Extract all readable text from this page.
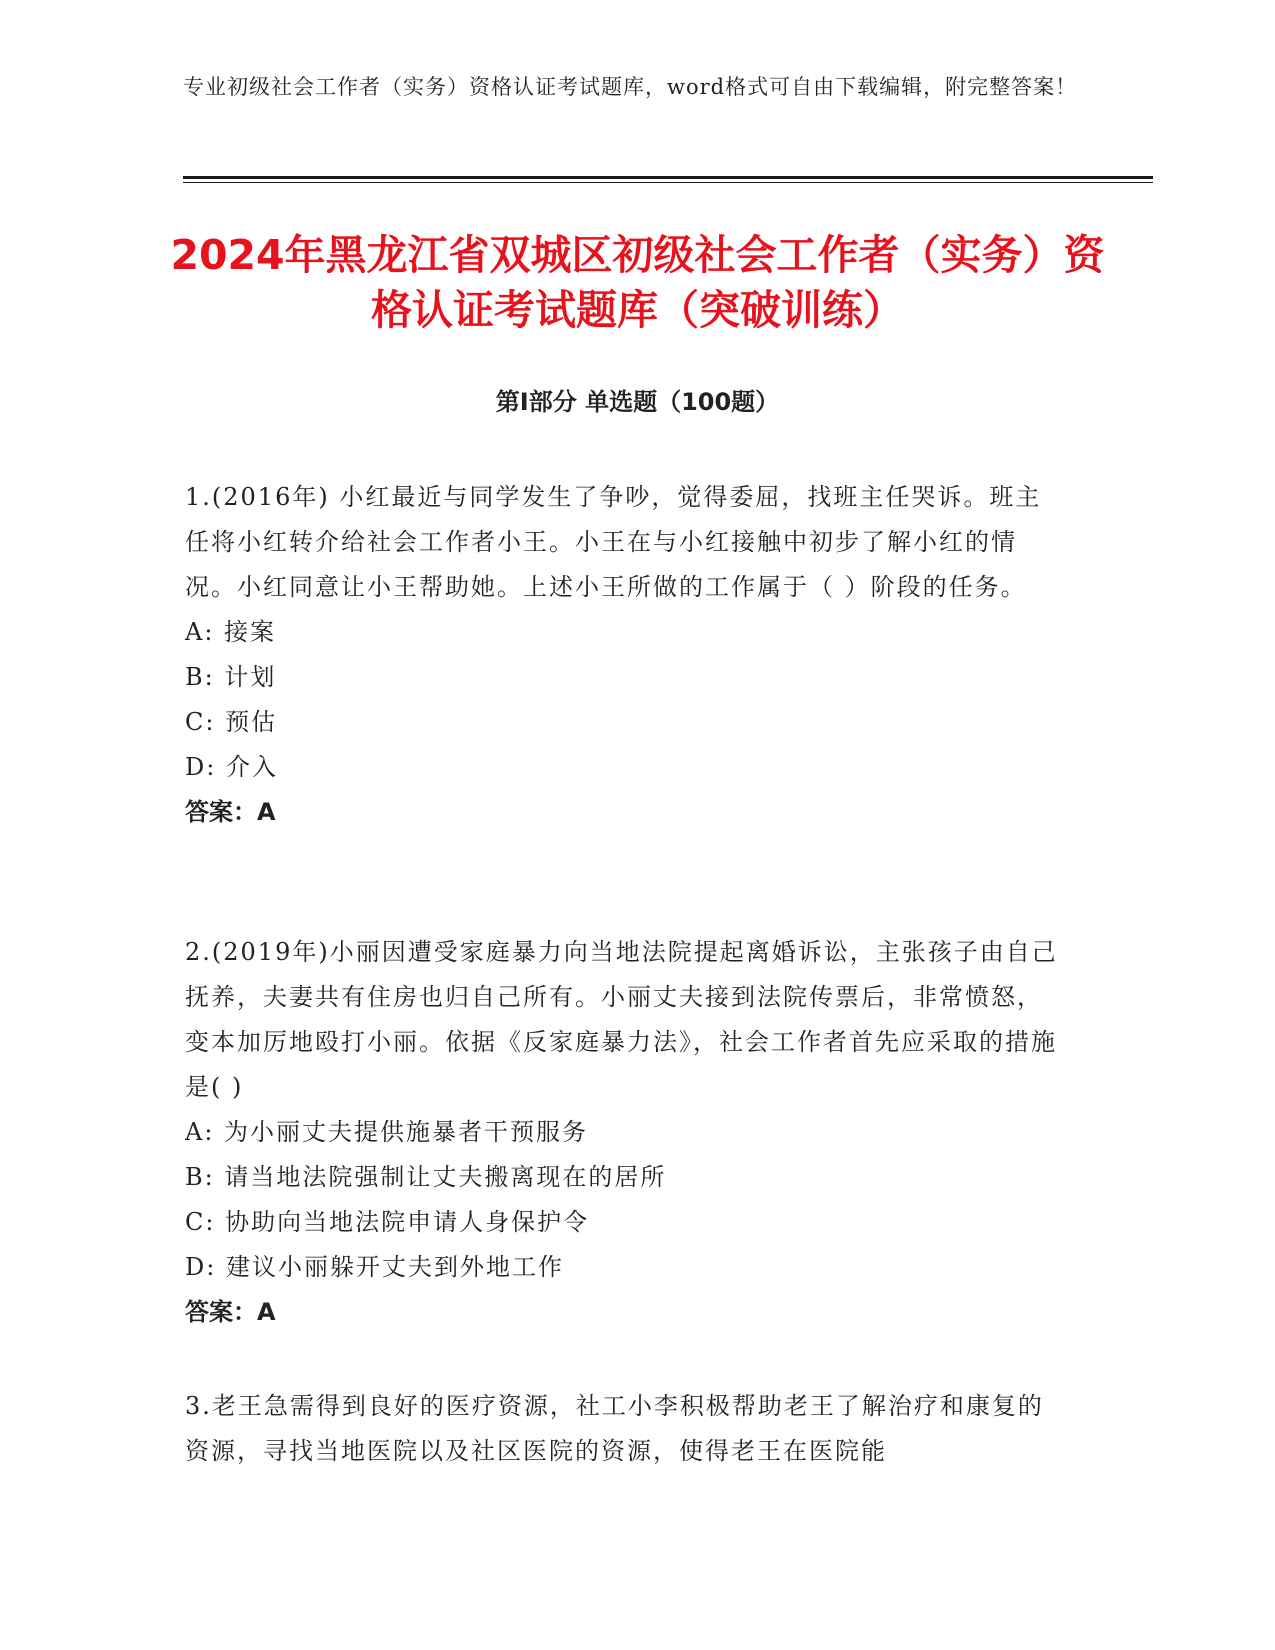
专业初级社会工作者（实务）资格认证考试题库，word格式可自由下载编辑，附完整答案！
2024年黑龙江省双城区初级社会工作者（实务）资格认证考试题库（突破训练）
第Ⅰ部分 单选题（100题）

1.(2016年) 小红最近与同学发生了争吵，觉得委屈，找班主任哭诉。班主任将小红转介给社会工作者小王。小王在与小红接触中初步了解小红的情况。小红同意让小王帮助她。上述小王所做的工作属于（ ）阶段的任务。

A: 接案

B: 计划

C: 预估

D: 介入

答案：A

2.(2019年)小丽因遭受家庭暴力向当地法院提起离婚诉讼，主张孩子由自己抚养，夫妻共有住房也归自己所有。小丽丈夫接到法院传票后，非常愤怒，变本加厉地殴打小丽。依据《反家庭暴力法》，社会工作者首先应采取的措施是( )

A: 为小丽丈夫提供施暴者干预服务

B: 请当地法院强制让丈夫搬离现在的居所

C: 协助向当地法院申请人身保护令

D: 建议小丽躲开丈夫到外地工作

答案：A

3.老王急需得到良好的医疗资源，社工小李积极帮助老王了解治疗和康复的资源，寻找当地医院以及社区医院的资源，使得老王在医院能
